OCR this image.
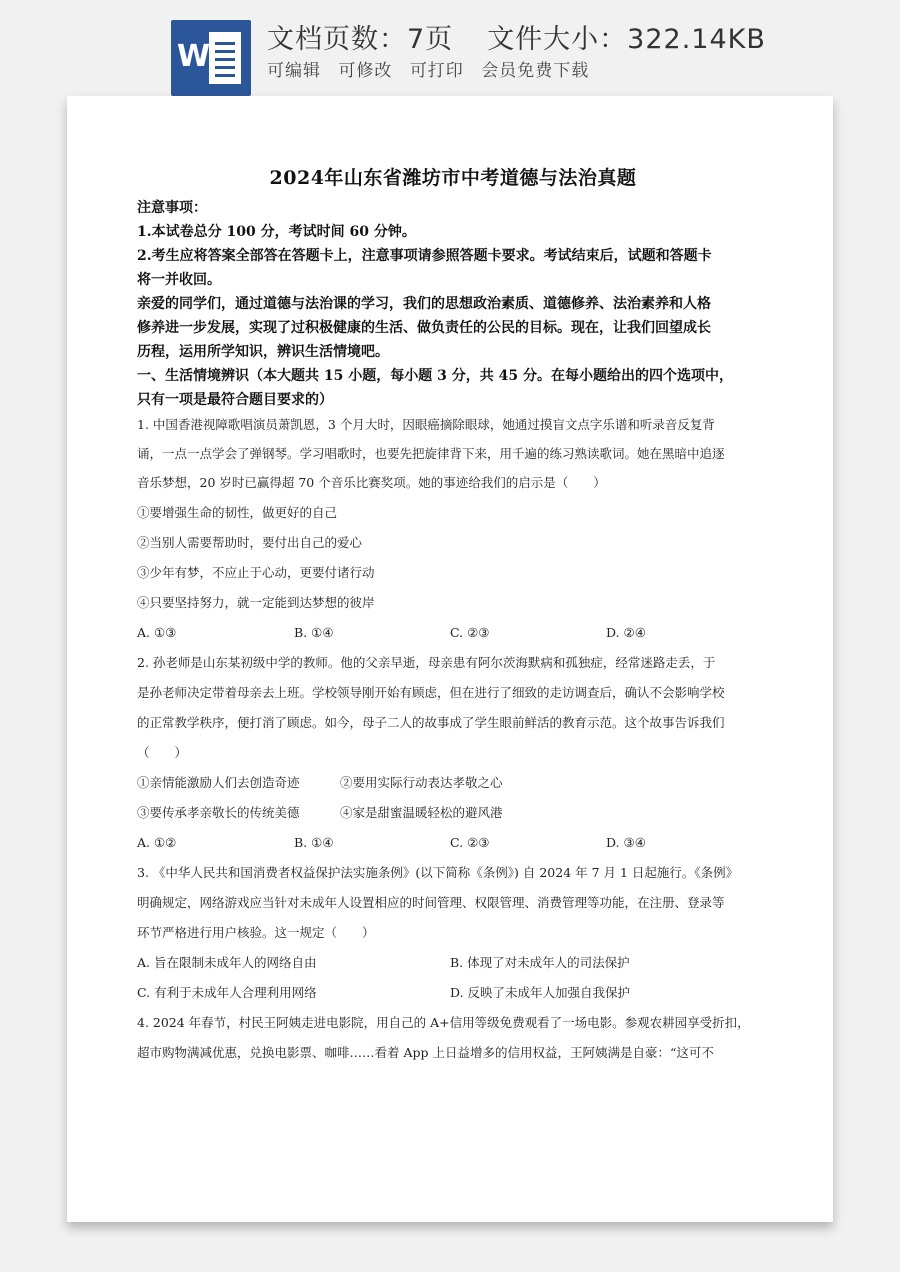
W 文档页数：7页 文件大小：322.14KB
可编辑 可修改 可打印 会员免费下载
2024年山东省潍坊市中考道德与法治真题
注意事项：
1.本试卷总分 100 分，考试时间 60 分钟。
2.考生应将答案全部答在答题卡上，注意事项请参照答题卡要求。考试结束后，试题和答题卡
将一并收回。
亲爱的同学们，通过道德与法治课的学习，我们的思想政治素质、道德修养、法治素养和人格
修养进一步发展，实现了过积极健康的生活、做负责任的公民的目标。现在，让我们回望成长
历程，运用所学知识，辨识生活情境吧。
一、生活情境辨识（本大题共 15 小题，每小题 3 分，共 45 分。在每小题给出的四个选项中，
只有一项是最符合题目要求的）
1. 中国香港视障歌唱演员萧凯恩，3 个月大时，因眼癌摘除眼球，她通过摸盲文点字乐谱和听录音反复背
诵，一点一点学会了弹钢琴。学习唱歌时，也要先把旋律背下来，用千遍的练习熟读歌词。她在黑暗中追逐
音乐梦想，20 岁时已赢得超 70 个音乐比赛奖项。她的事迹给我们的启示是（　　）
①要增强生命的韧性，做更好的自己
②当别人需要帮助时，要付出自己的爱心
③少年有梦，不应止于心动，更要付诸行动
④只要坚持努力，就一定能到达梦想的彼岸
A. ①③	B. ①④	C. ②③	D. ②④
2. 孙老师是山东某初级中学的教师。他的父亲早逝，母亲患有阿尔茨海默病和孤独症，经常迷路走丢，于
是孙老师决定带着母亲去上班。学校领导刚开始有顾虑，但在进行了细致的走访调查后，确认不会影响学校
的正常教学秩序，便打消了顾虑。如今，母子二人的故事成了学生眼前鲜活的教育示范。这个故事告诉我们
（　　）
①亲情能激励人们去创造奇迹	②要用实际行动表达孝敬之心
③要传承孝亲敬长的传统美德	④家是甜蜜温暖轻松的避风港
A. ①②	B. ①④	C. ②③	D. ③④
3. 《中华人民共和国消费者权益保护法实施条例》(以下简称《条例》) 自 2024 年 7 月 1 日起施行。《条例》
明确规定，网络游戏应当针对未成年人设置相应的时间管理、权限管理、消费管理等功能，在注册、登录等
环节严格进行用户核验。这一规定（　　）
A. 旨在限制未成年人的网络自由	B. 体现了对未成年人的司法保护
C. 有利于未成年人合理利用网络	D. 反映了未成年人加强自我保护
4. 2024 年春节，村民王阿姨走进电影院，用自己的 A+信用等级免费观看了一场电影。参观农耕园享受折扣，
超市购物满减优惠，兑换电影票、咖啡……看着 App 上日益增多的信用权益，王阿姨满是自豪：“这可不
